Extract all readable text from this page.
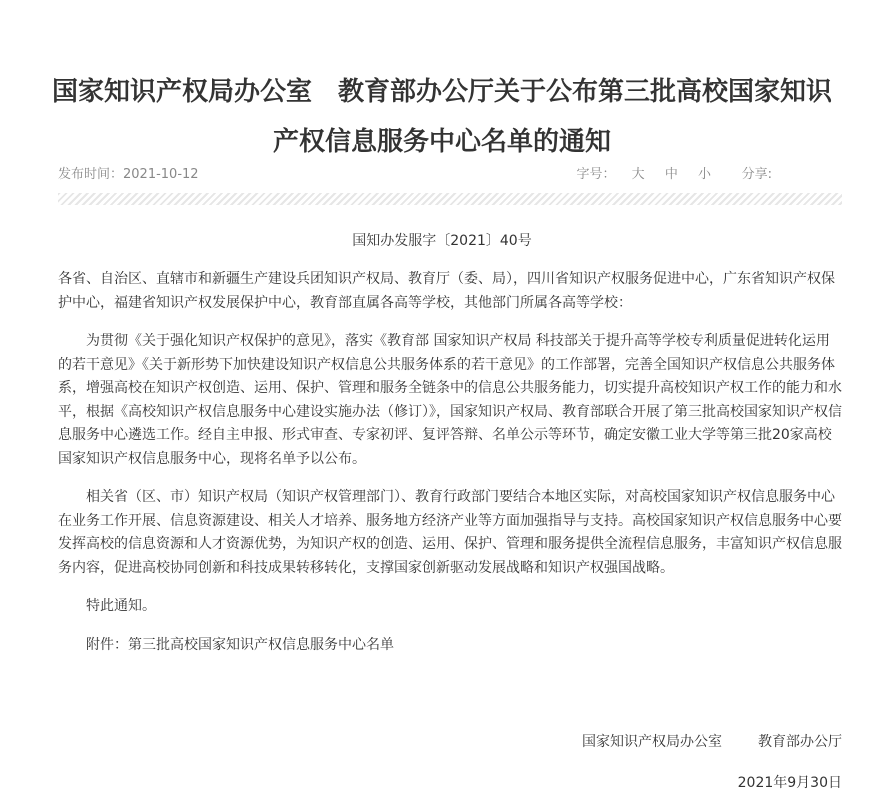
国家知识产权局办公室　教育部办公厅关于公布第三批高校国家知识产权信息服务中心名单的通知
发布时间：2021-10-12	字号： 大 中 小	分享:
国知办发服字〔2021〕40号

各省、自治区、直辖市和新疆生产建设兵团知识产权局、教育厅（委、局），四川省知识产权服务促进中心，广东省知识产权保护中心，福建省知识产权发展保护中心，教育部直属各高等学校，其他部门所属各高等学校：

为贯彻《关于强化知识产权保护的意见》，落实《教育部 国家知识产权局 科技部关于提升高等学校专利质量促进转化运用的若干意见》《关于新形势下加快建设知识产权信息公共服务体系的若干意见》的工作部署，完善全国知识产权信息公共服务体系，增强高校在知识产权创造、运用、保护、管理和服务全链条中的信息公共服务能力，切实提升高校知识产权工作的能力和水平，根据《高校知识产权信息服务中心建设实施办法（修订）》，国家知识产权局、教育部联合开展了第三批高校国家知识产权信息服务中心遴选工作。经自主申报、形式审查、专家初评、复评答辩、名单公示等环节，确定安徽工业大学等第三批20家高校国家知识产权信息服务中心，现将名单予以公布。

相关省（区、市）知识产权局（知识产权管理部门）、教育行政部门要结合本地区实际，对高校国家知识产权信息服务中心在业务工作开展、信息资源建设、相关人才培养、服务地方经济产业等方面加强指导与支持。高校国家知识产权信息服务中心要发挥高校的信息资源和人才资源优势，为知识产权的创造、运用、保护、管理和服务提供全流程信息服务，丰富知识产权信息服务内容，促进高校协同创新和科技成果转移转化，支撑国家创新驱动发展战略和知识产权强国战略。

特此通知。

附件：第三批高校国家知识产权信息服务中心名单

国家知识产权局办公室	教育部办公厅
2021年9月30日
